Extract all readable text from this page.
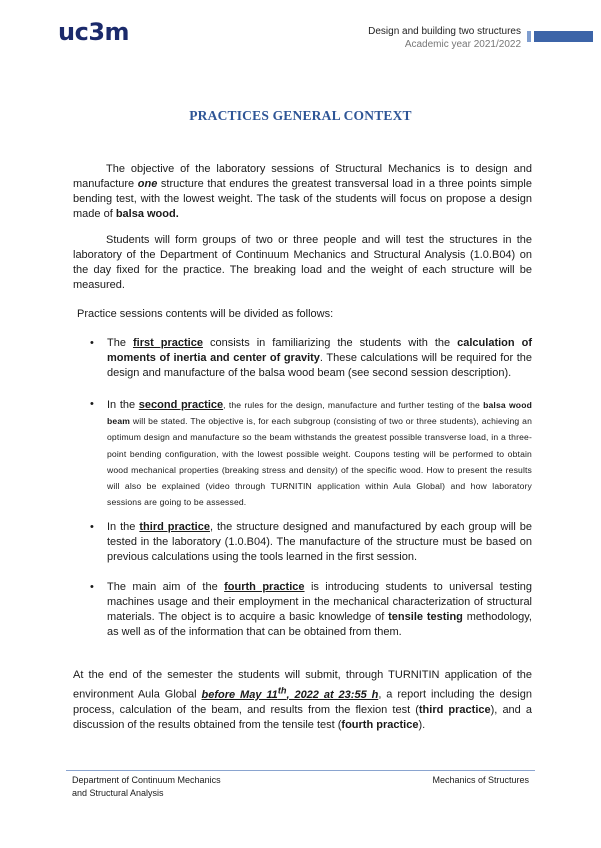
uc3m	Design and building two structures
Academic year 2021/2022
PRACTICES GENERAL CONTEXT

The objective of the laboratory sessions of Structural Mechanics is to design and manufacture one structure that endures the greatest transversal load in a three points simple bending test, with the lowest weight. The task of the students will focus on propose a design made of balsa wood.

Students will form groups of two or three people and will test the structures in the laboratory of the Department of Continuum Mechanics and Structural Analysis (1.0.B04) on the day fixed for the practice. The breaking load and the weight of each structure will be measured.

Practice sessions contents will be divided as follows:

• The first practice consists in familiarizing the students with the calculation of moments of inertia and center of gravity. These calculations will be required for the design and manufacture of the balsa wood beam (see second session description).
• In the second practice, the rules for the design, manufacture and further testing of the balsa wood beam will be stated. The objective is, for each subgroup (consisting of two or three students), achieving an optimum design and manufacture so the beam withstands the greatest possible transverse load, in a three-point bending configuration, with the lowest possible weight. Coupons testing will be performed to obtain wood mechanical properties (breaking stress and density) of the specific wood. How to present the results will also be explained (video through TURNITIN application within Aula Global) and how laboratory sessions are going to be assessed.
• In the third practice, the structure designed and manufactured by each group will be tested in the laboratory (1.0.B04). The manufacture of the structure must be based on previous calculations using the tools learned in the first session.
• The main aim of the fourth practice is introducing students to universal testing machines usage and their employment in the mechanical characterization of structural materials. The object is to acquire a basic knowledge of tensile testing methodology, as well as of the information that can be obtained from them.

At the end of the semester the students will submit, through TURNITIN application of the environment Aula Global before May 11th, 2022 at 23:55 h, a report including the design process, calculation of the beam, and results from the flexion test (third practice), and a discussion of the results obtained from the tensile test (fourth practice).

Department of Continuum Mechanics
and Structural Analysis
Mechanics of Structures
